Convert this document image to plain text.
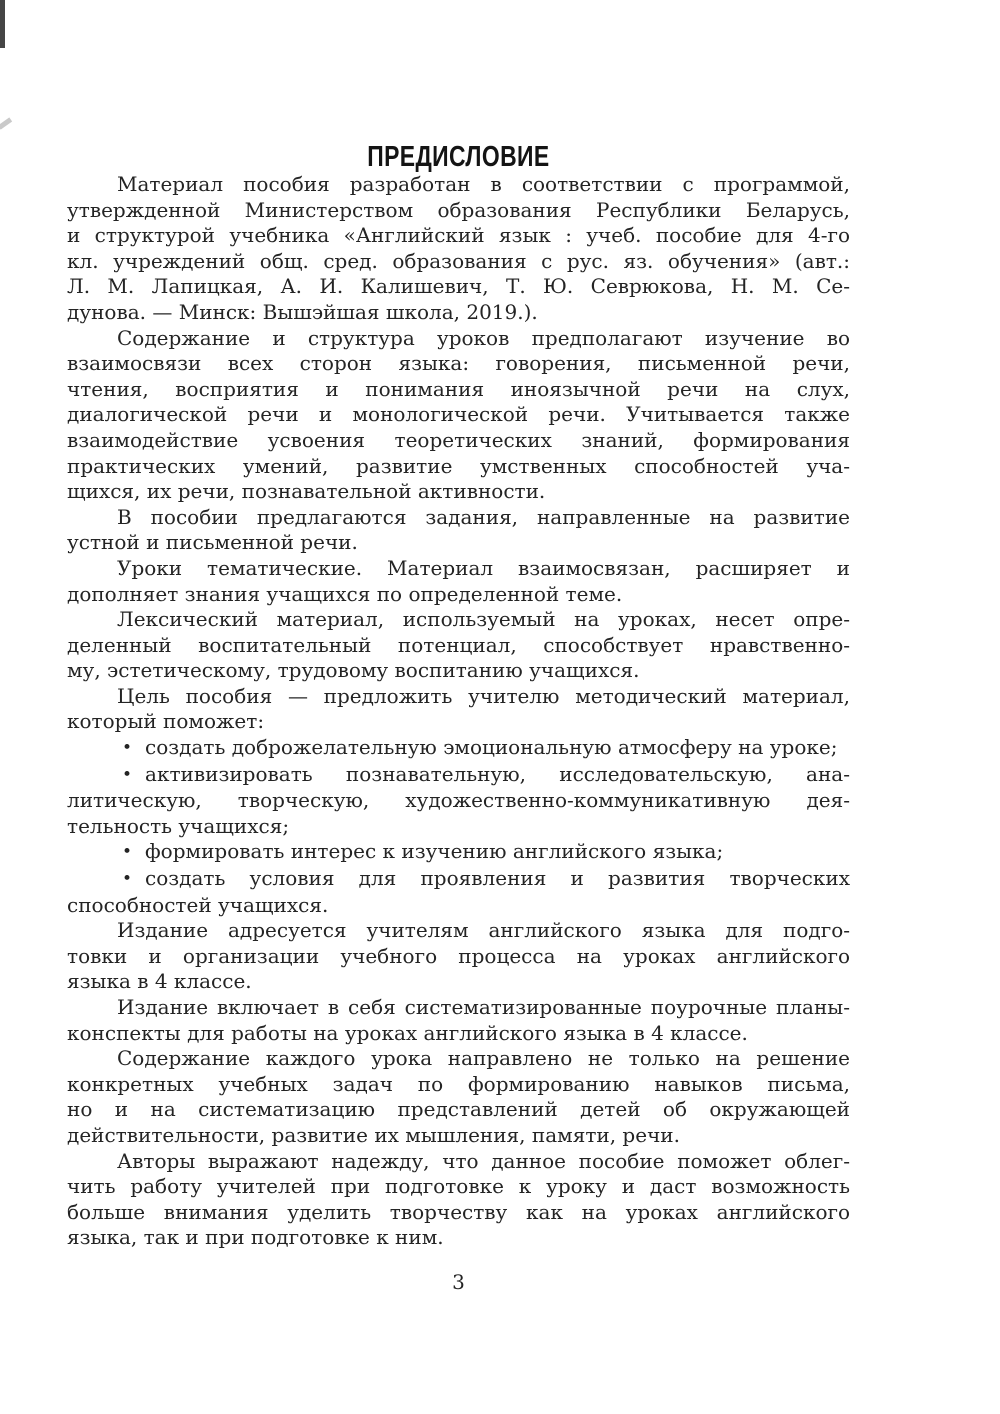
ПРЕДИСЛОВИЕ
Материал пособия разработан в соответствии с программой,
утвержденной Министерством образования Республики Беларусь,
и структурой учебника «Английский язык : учеб. пособие для 4-го
кл. учреждений общ. сред. образования с рус. яз. обучения» (авт.:
Л. М. Лапицкая, А. И. Калишевич, Т. Ю. Севрюкова, Н. М. Се-
дунова. — Минск: Вышэйшая школа, 2019.).
Содержание и структура уроков предполагают изучение во
взаимосвязи всех сторон языка: говорения, письменной речи,
чтения, восприятия и понимания иноязычной речи на слух,
диалогической речи и монологической речи. Учитывается также
взаимодействие усвоения теоретических знаний, формирования
практических умений, развитие умственных способностей уча-
щихся, их речи, познавательной активности.
В пособии предлагаются задания, направленные на развитие
устной и письменной речи.
Уроки тематические. Материал взаимосвязан, расширяет и
дополняет знания учащихся по определенной теме.
Лексический материал, используемый на уроках, несет опре-
деленный воспитательный потенциал, способствует нравственно-
му, эстетическому, трудовому воспитанию учащихся.
Цель пособия — предложить учителю методический материал,
который поможет:
• создать доброжелательную эмоциональную атмосферу на уроке;
• активизировать познавательную, исследовательскую, ана-
литическую, творческую, художественно-коммуникативную дея-
тельность учащихся;
• формировать интерес к изучению английского языка;
• создать условия для проявления и развития творческих
способностей учащихся.
Издание адресуется учителям английского языка для подго-
товки и организации учебного процесса на уроках английского
языка в 4 классе.
Издание включает в себя систематизированные поурочные планы-
конспекты для работы на уроках английского языка в 4 классе.
Содержание каждого урока направлено не только на решение
конкретных учебных задач по формированию навыков письма,
но и на систематизацию представлений детей об окружающей
действительности, развитие их мышления, памяти, речи.
Авторы выражают надежду, что данное пособие поможет облег-
чить работу учителей при подготовке к уроку и даст возможность
больше внимания уделить творчеству как на уроках английского
языка, так и при подготовке к ним.
3
